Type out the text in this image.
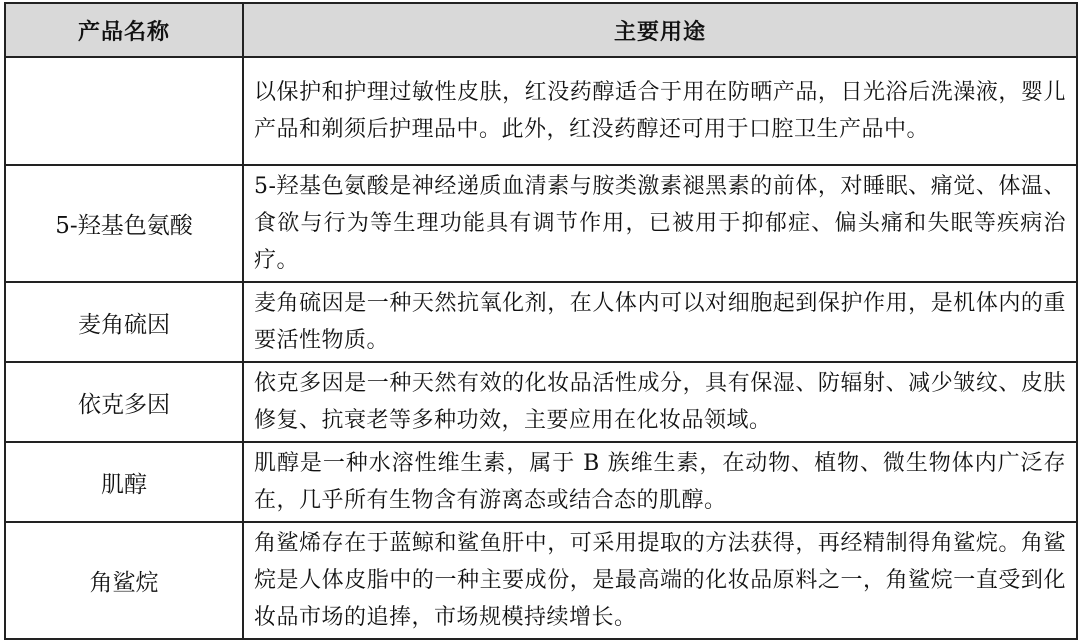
产品名称	主要用途
	以保护和护理过敏性皮肤，红没药醇适合于用在防晒产品，日光浴后洗澡液，婴儿产品和剃须后护理品中。此外，红没药醇还可用于口腔卫生产品中。
5-羟基色氨酸	5-羟基色氨酸是神经递质血清素与胺类激素褪黑素的前体，对睡眠、痛觉、体温、食欲与行为等生理功能具有调节作用，已被用于抑郁症、偏头痛和失眠等疾病治疗。
麦角硫因	麦角硫因是一种天然抗氧化剂，在人体内可以对细胞起到保护作用，是机体内的重要活性物质。
依克多因	依克多因是一种天然有效的化妆品活性成分，具有保湿、防辐射、减少皱纹、皮肤修复、抗衰老等多种功效，主要应用在化妆品领域。
肌醇	肌醇是一种水溶性维生素，属于 B 族维生素，在动物、植物、微生物体内广泛存在，几乎所有生物含有游离态或结合态的肌醇。
角鲨烷	角鲨烯存在于蓝鲸和鲨鱼肝中，可采用提取的方法获得，再经精制得角鲨烷。角鲨烷是人体皮脂中的一种主要成份，是最高端的化妆品原料之一，角鲨烷一直受到化妆品市场的追捧，市场规模持续增长。
